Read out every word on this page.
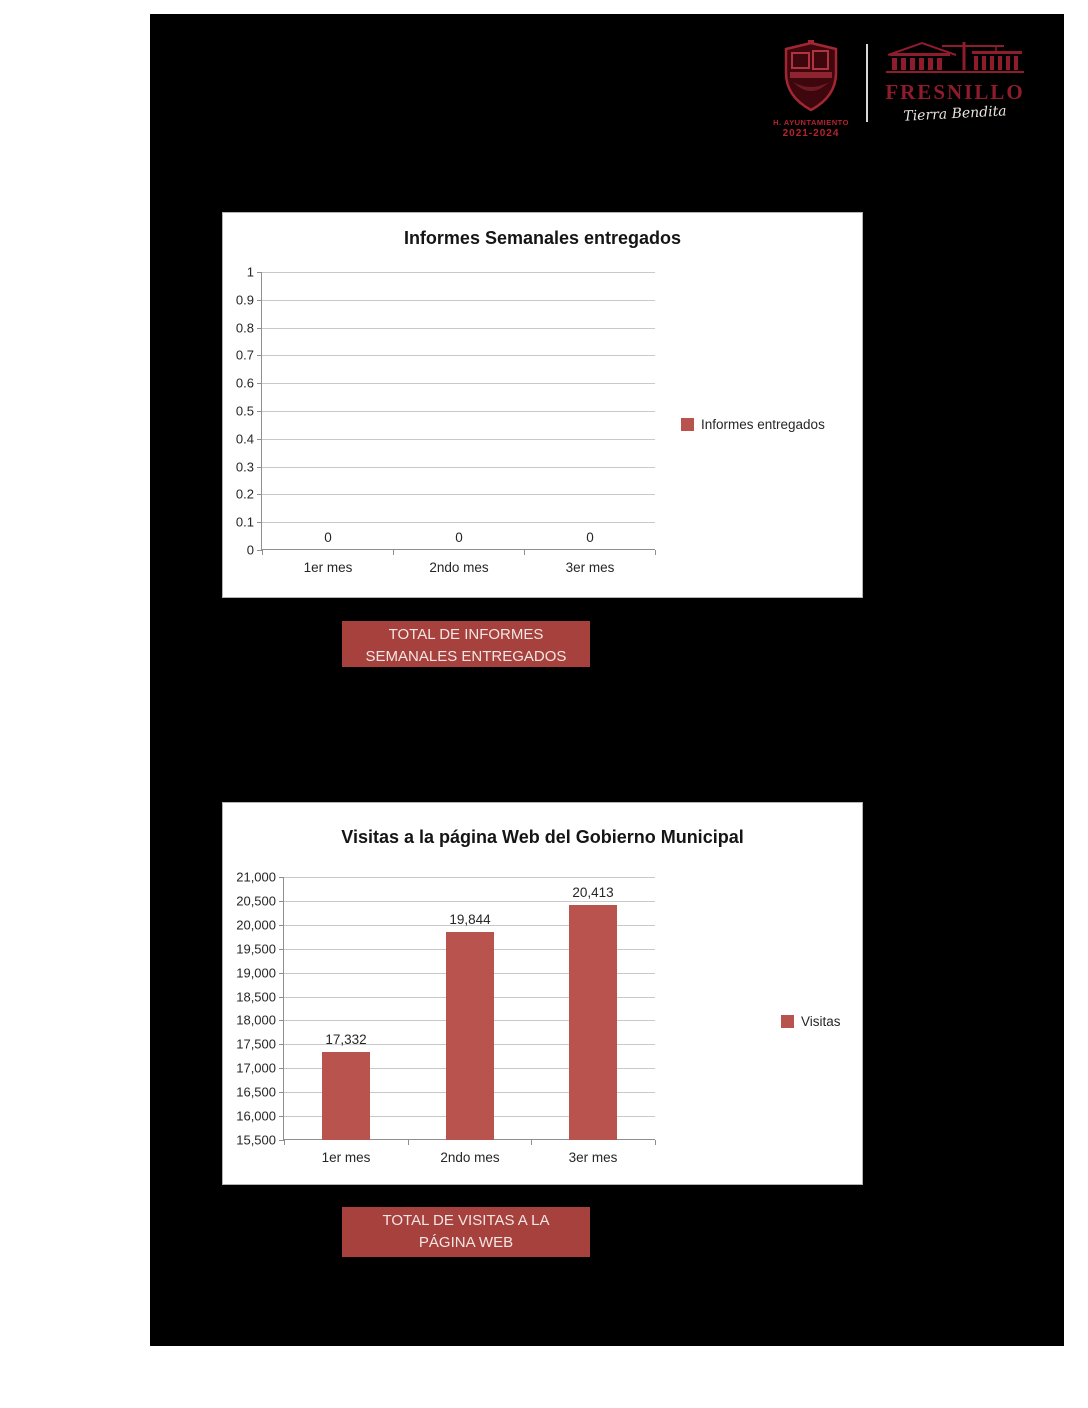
H. AYUNTAMIENTO
2021-2024
FRESNILLO
Tierra Bendita
Informes Semanales entregados
1
0.9
0.8
0.7
0.6
0.5
0.4
0.3
0.2
0.1
0
1er mes
0
2ndo mes
0
3er mes
0
Informes entregados
TOTAL DE INFORMES
SEMANALES ENTREGADOS
Visitas a la página Web del Gobierno Municipal
21,000
20,500
20,000
19,500
19,000
18,500
18,000
17,500
17,000
16,500
16,000
15,500
1er mes
17,332
2ndo mes
19,844
3er mes
20,413
Visitas
TOTAL DE VISITAS A LA
PÁGINA WEB
